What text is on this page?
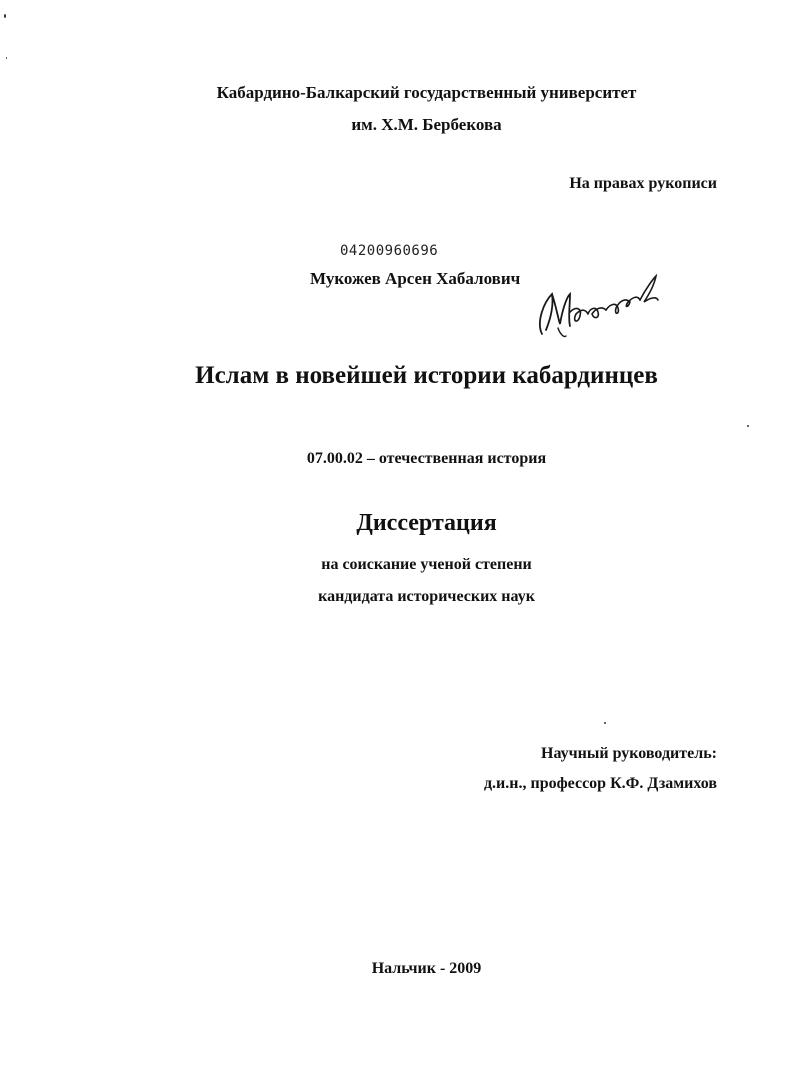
Кабардино-Балкарский государственный университет
им. Х.М. Бербекова
На правах рукописи
04200960696
Мукожев Арсен Хабалович
Ислам в новейшей истории кабардинцев
07.00.02 – отечественная история
Диссертация
на соискание ученой степени
кандидата исторических наук
Научный руководитель:
д.и.н., профессор К.Ф. Дзамихов
Нальчик - 2009
